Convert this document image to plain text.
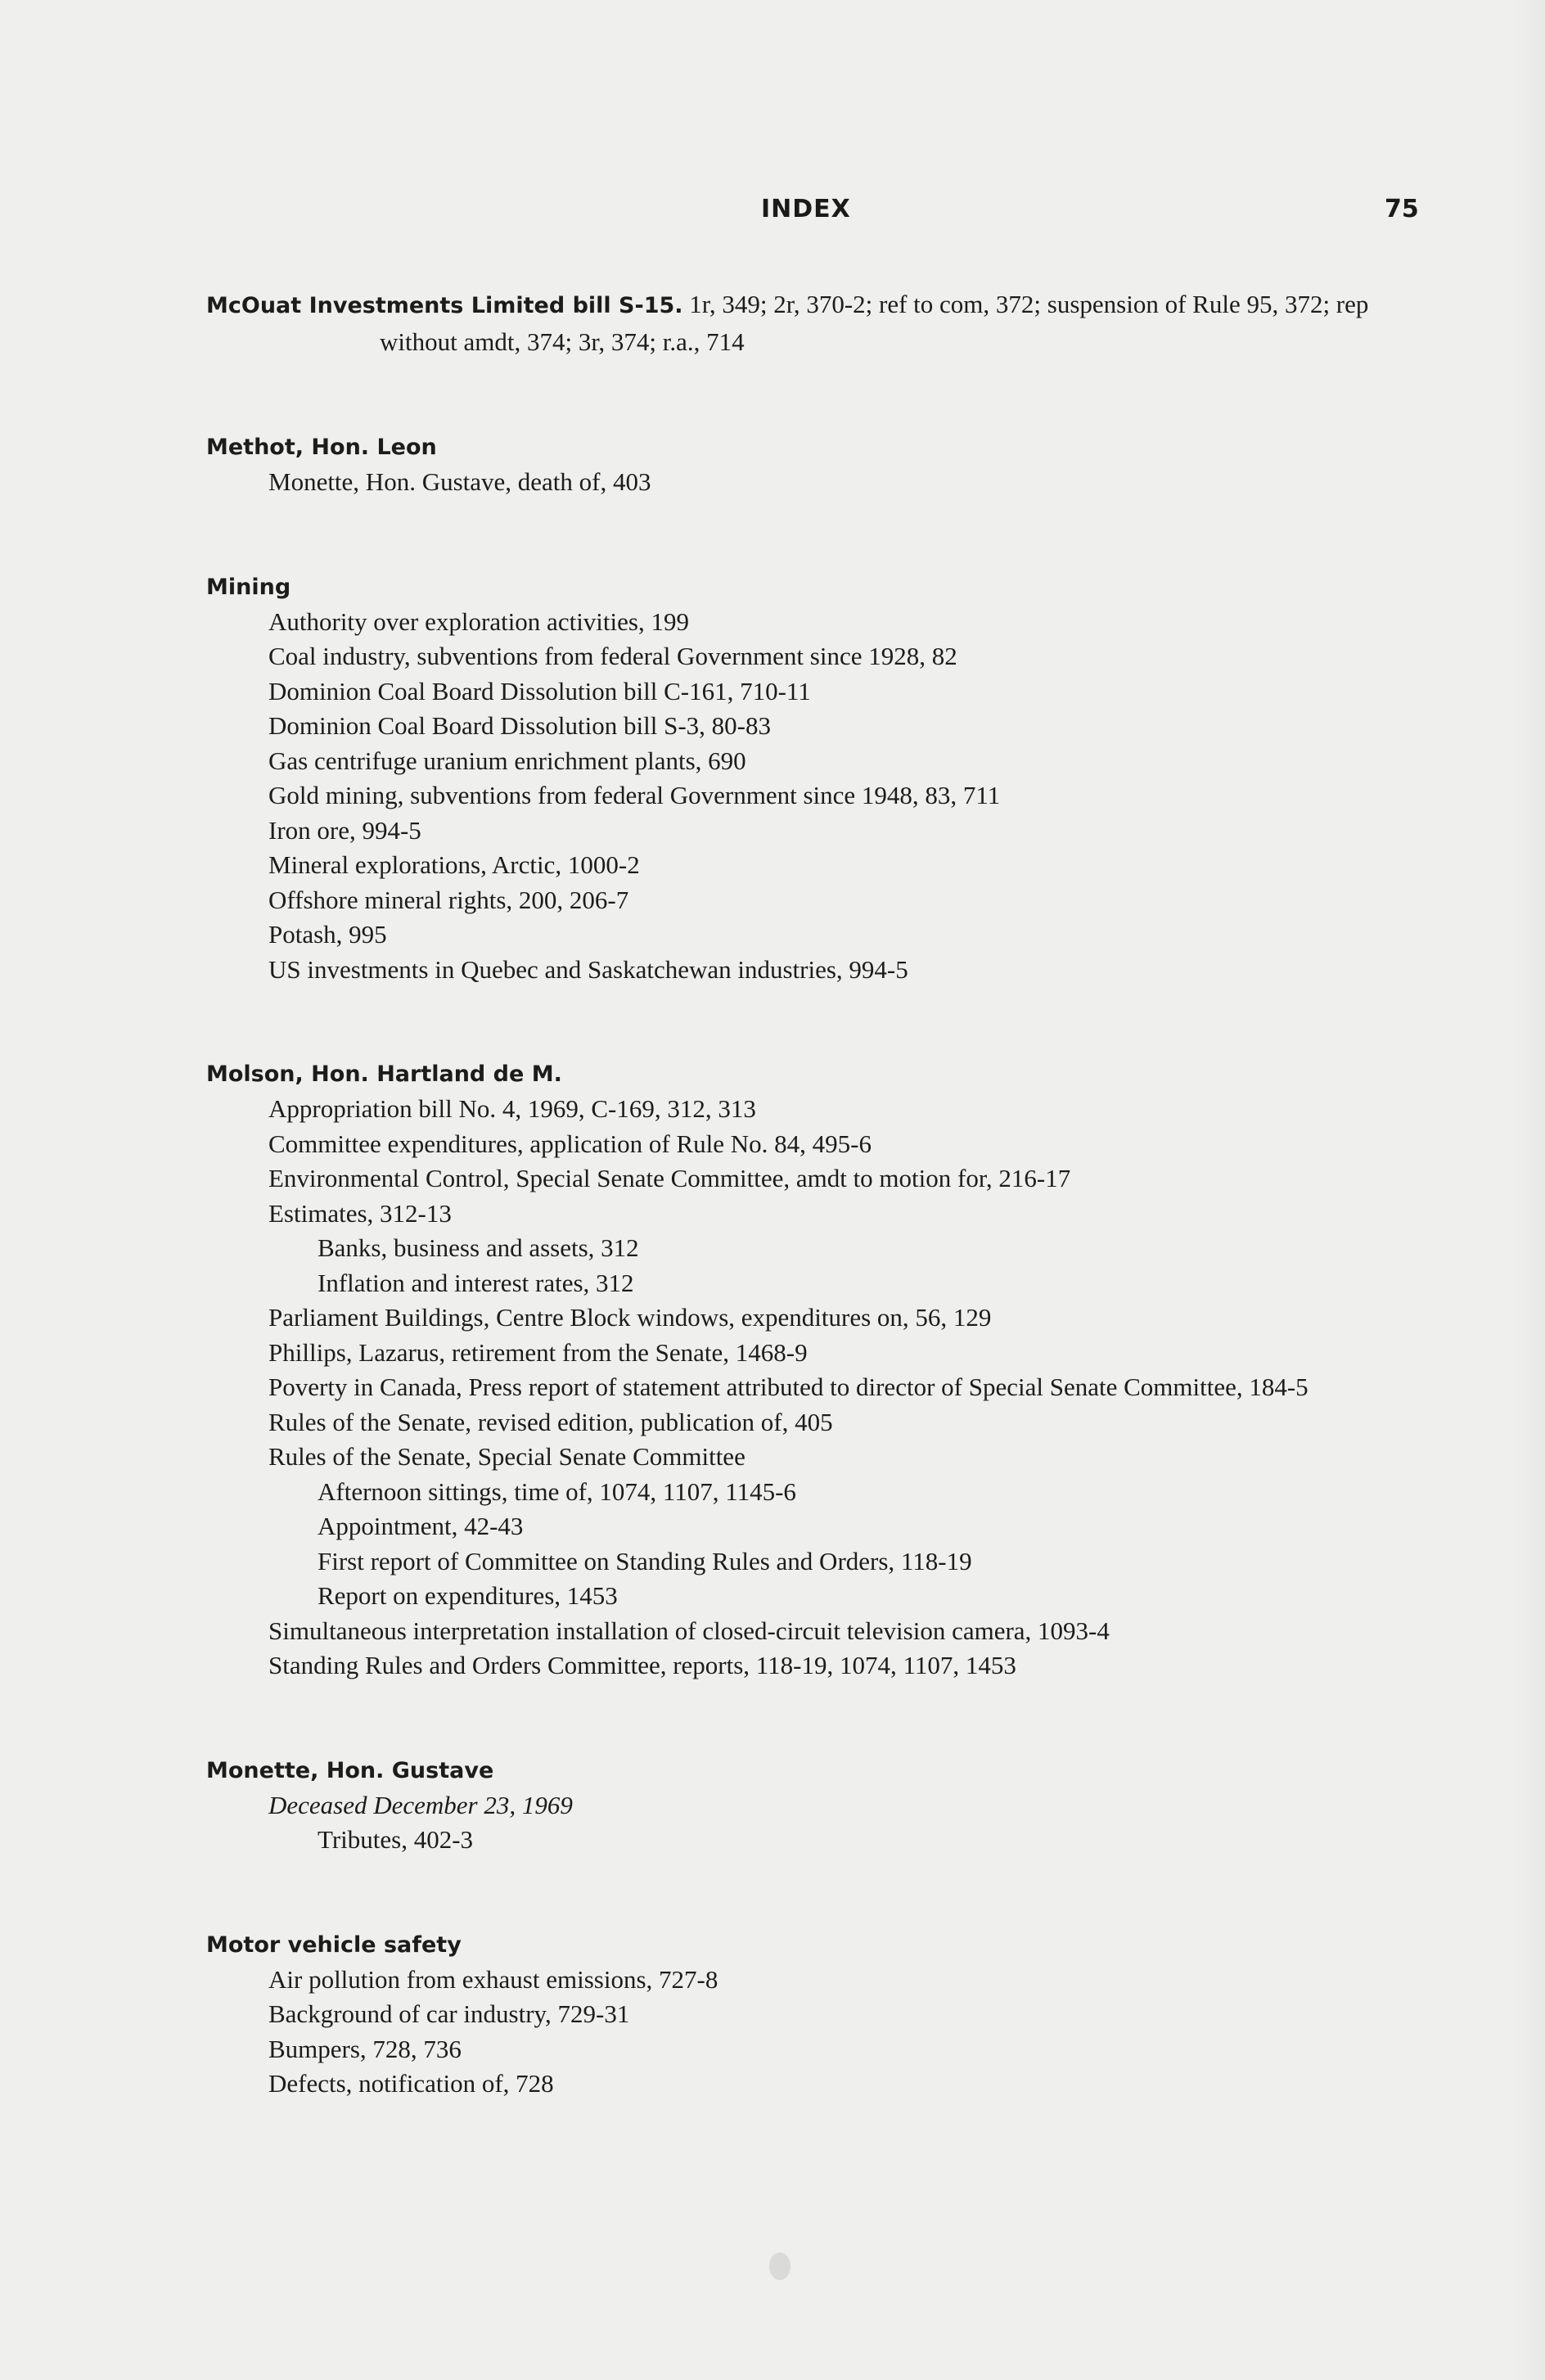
INDEX	75
McOuat Investments Limited bill S-15. 1r, 349; 2r, 370-2; ref to com, 372; suspension of Rule 95, 372; rep without amdt, 374; 3r, 374; r.a., 714
Methot, Hon. Leon
Monette, Hon. Gustave, death of, 403
Mining
Authority over exploration activities, 199
Coal industry, subventions from federal Government since 1928, 82
Dominion Coal Board Dissolution bill C-161, 710-11
Dominion Coal Board Dissolution bill S-3, 80-83
Gas centrifuge uranium enrichment plants, 690
Gold mining, subventions from federal Government since 1948, 83, 711
Iron ore, 994-5
Mineral explorations, Arctic, 1000-2
Offshore mineral rights, 200, 206-7
Potash, 995
US investments in Quebec and Saskatchewan industries, 994-5
Molson, Hon. Hartland de M.
Appropriation bill No. 4, 1969, C-169, 312, 313
Committee expenditures, application of Rule No. 84, 495-6
Environmental Control, Special Senate Committee, amdt to motion for, 216-17
Estimates, 312-13
Banks, business and assets, 312
Inflation and interest rates, 312
Parliament Buildings, Centre Block windows, expenditures on, 56, 129
Phillips, Lazarus, retirement from the Senate, 1468-9
Poverty in Canada, Press report of statement attributed to director of Special Senate Committee, 184-5
Rules of the Senate, revised edition, publication of, 405
Rules of the Senate, Special Senate Committee
Afternoon sittings, time of, 1074, 1107, 1145-6
Appointment, 42-43
First report of Committee on Standing Rules and Orders, 118-19
Report on expenditures, 1453
Simultaneous interpretation installation of closed-circuit television camera, 1093-4
Standing Rules and Orders Committee, reports, 118-19, 1074, 1107, 1453
Monette, Hon. Gustave
Deceased December 23, 1969
Tributes, 402-3
Motor vehicle safety
Air pollution from exhaust emissions, 727-8
Background of car industry, 729-31
Bumpers, 728, 736
Defects, notification of, 728
